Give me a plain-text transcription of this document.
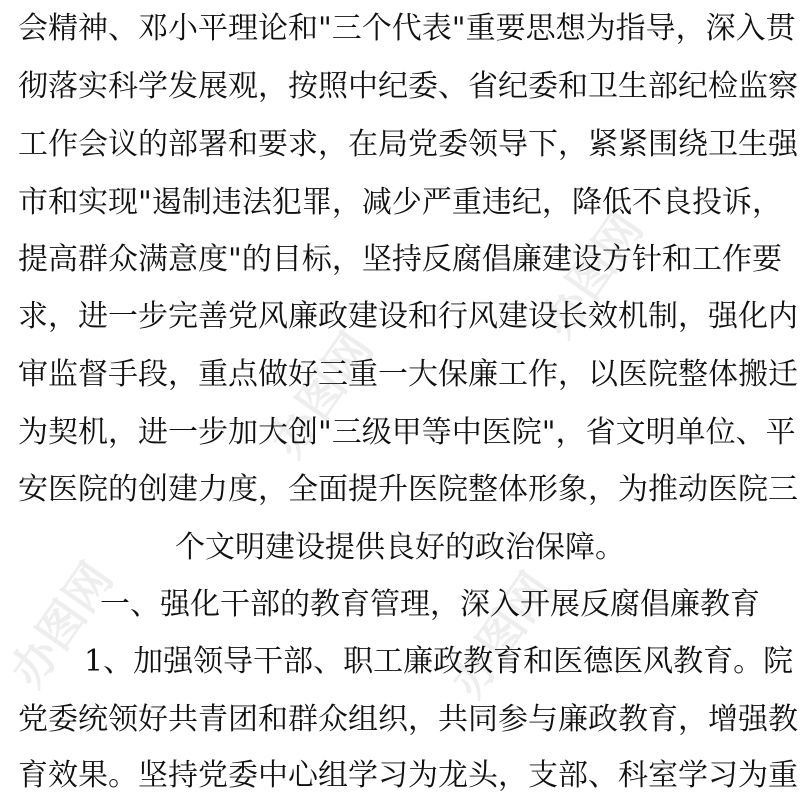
办图网
办图网
办图网	办图网
会精神、邓小平理论和"三个代表"重要思想为指导，深入贯
彻落实科学发展观，按照中纪委、省纪委和卫生部纪检监察
工作会议的部署和要求，在局党委领导下，紧紧围绕卫生强
市和实现"遏制违法犯罪，减少严重违纪，降低不良投诉，
提高群众满意度"的目标，坚持反腐倡廉建设方针和工作要
求，进一步完善党风廉政建设和行风建设长效机制，强化内
审监督手段，重点做好三重一大保廉工作，以医院整体搬迁
为契机，进一步加大创"三级甲等中医院"，省文明单位、平
安医院的创建力度，全面提升医院整体形象，为推动医院三
个文明建设提供良好的政治保障。
一、强化干部的教育管理，深入开展反腐倡廉教育
1、加强领导干部、职工廉政教育和医德医风教育。院
党委统领好共青团和群众组织，共同参与廉政教育，增强教
育效果。坚持党委中心组学习为龙头，支部、科室学习为重
